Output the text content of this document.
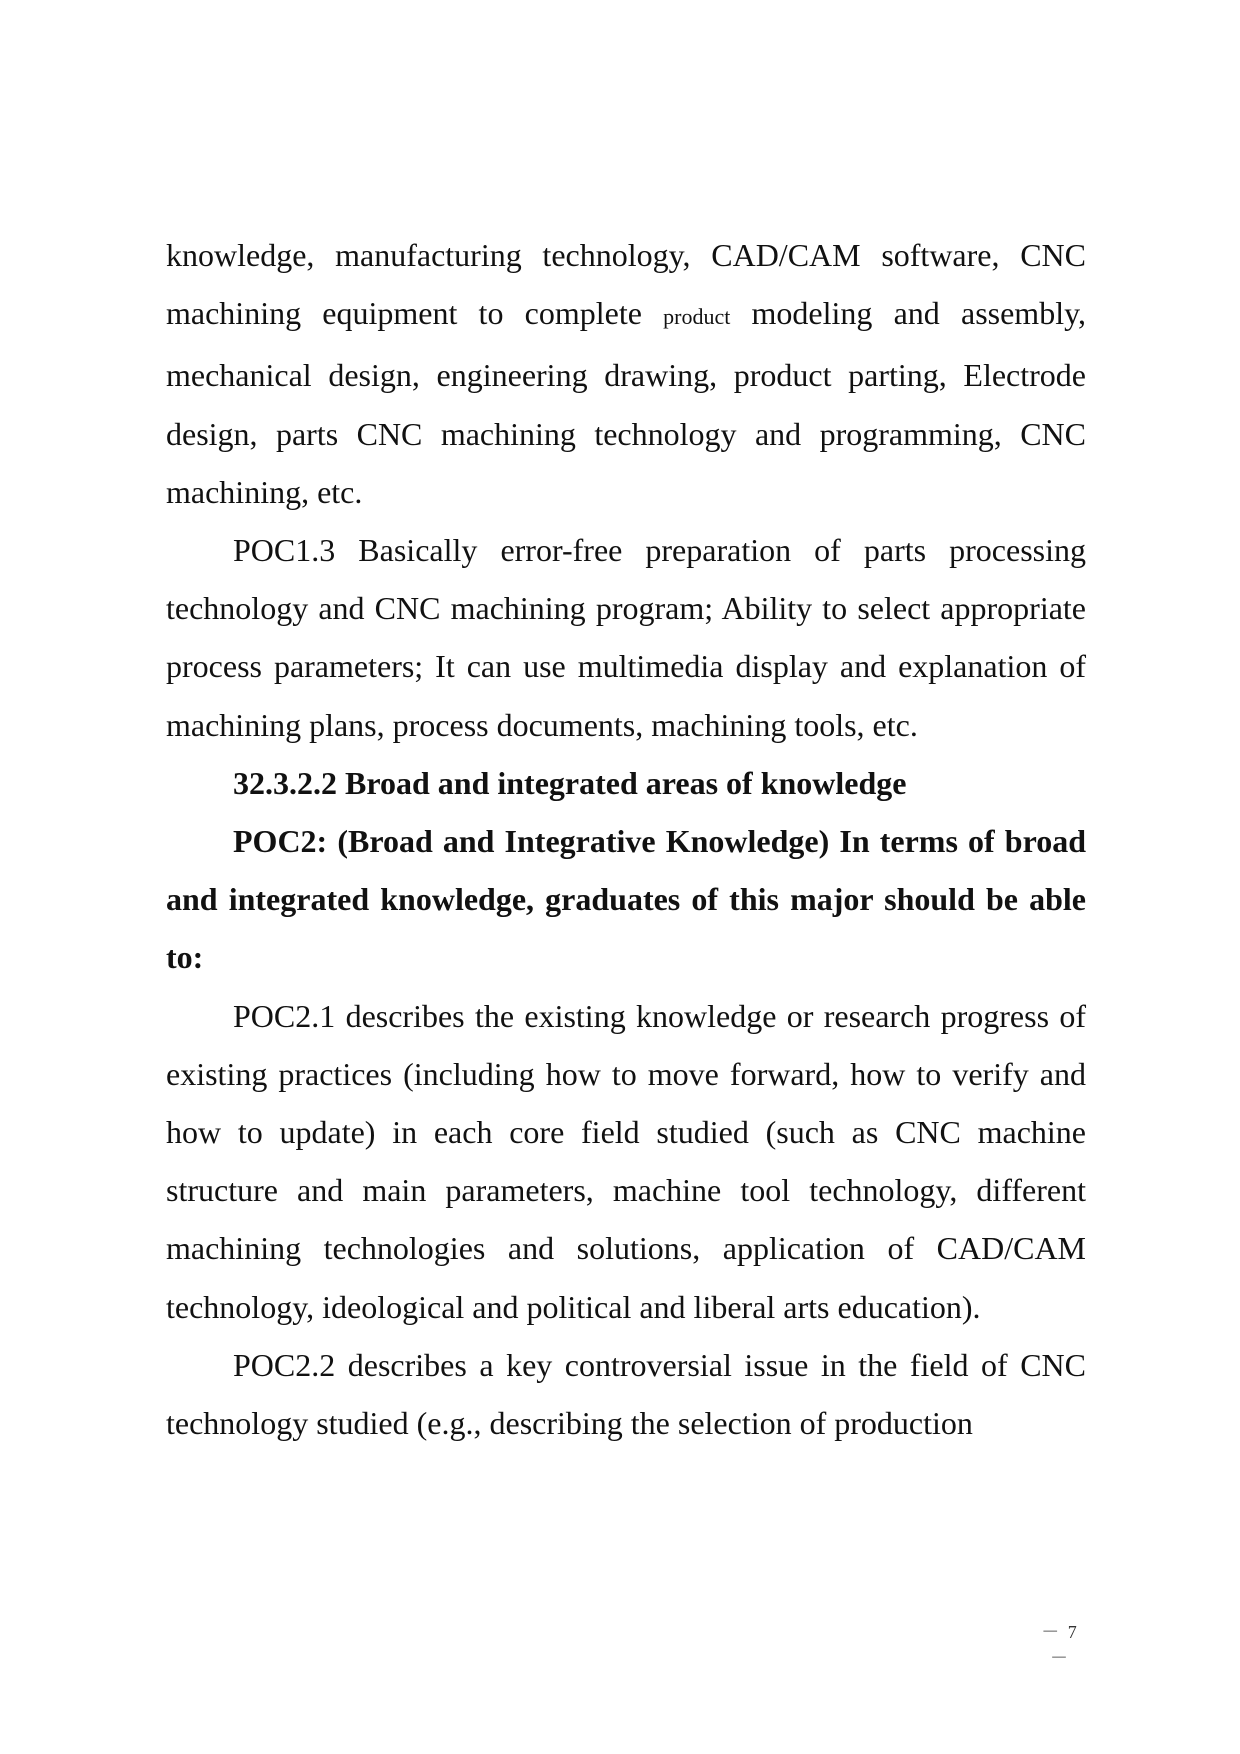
knowledge, manufacturing technology, CAD/CAM software, CNC machining equipment to complete product modeling and assembly, mechanical design, engineering drawing, product parting, Electrode design, parts CNC machining technology and programming, CNC machining, etc.

POC1.3 Basically error-free preparation of parts processing technology and CNC machining program; Ability to select appropriate process parameters; It can use multimedia display and explanation of machining plans, process documents, machining tools, etc.

32.3.2.2 Broad and integrated areas of knowledge

POC2: (Broad and Integrative Knowledge) In terms of broad and integrated knowledge, graduates of this major should be able to:

POC2.1 describes the existing knowledge or research progress of existing practices (including how to move forward, how to verify and how to update) in each core field studied (such as CNC machine structure and main parameters, machine tool technology, different machining technologies and solutions, application of CAD/CAM technology, ideological and political and liberal arts education).

POC2.2 describes a key controversial issue in the field of CNC technology studied (e.g., describing the selection of production

－ 7 －
